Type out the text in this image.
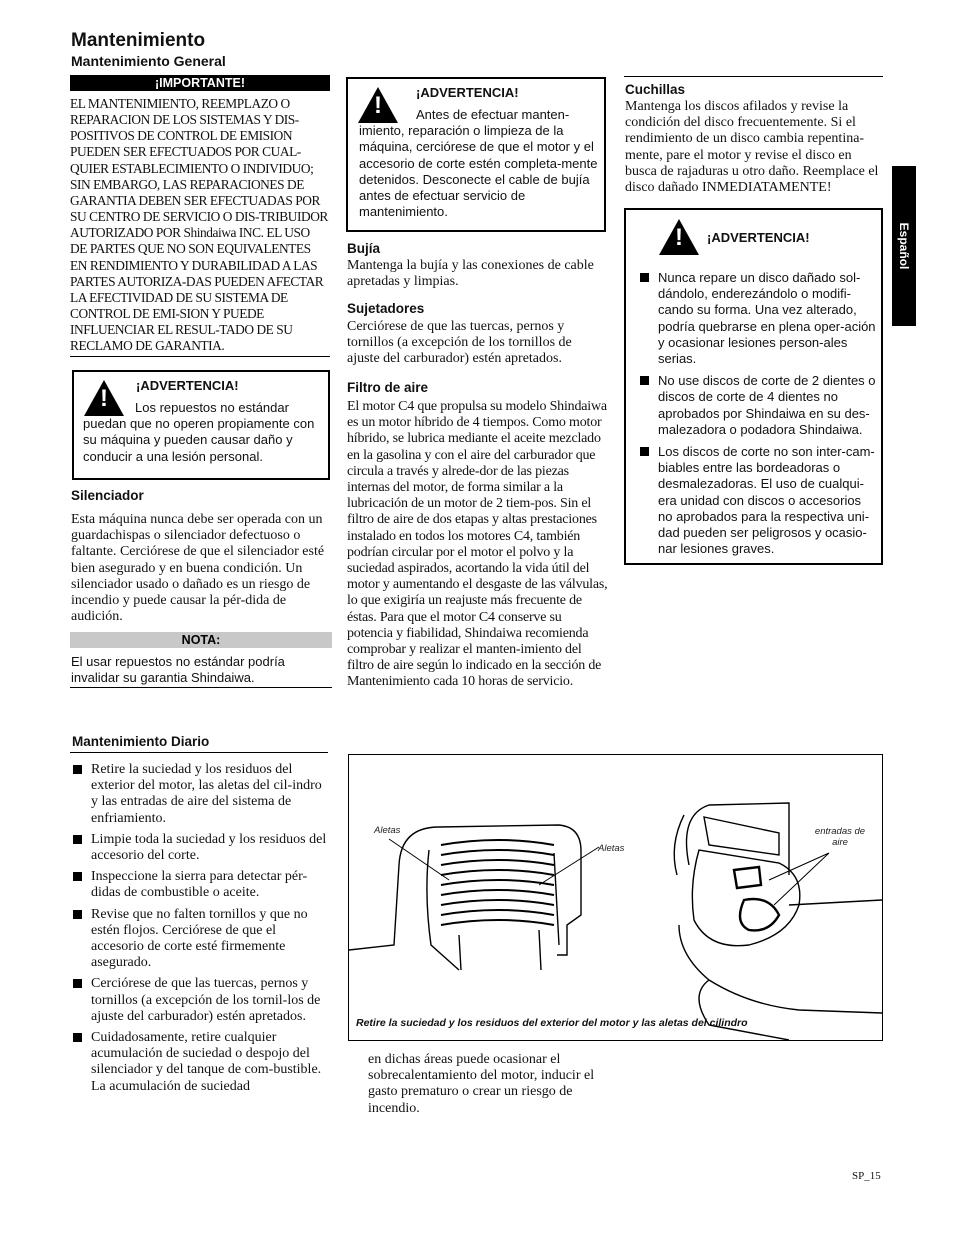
Mantenimiento
Mantenimiento General
¡IMPORTANTE!
EL MANTENIMIENTO, REEMPLAZO O REPARACION DE LOS SISTEMAS Y DIS-POSITIVOS DE CONTROL DE EMISION PUEDEN SER EFECTUADOS POR CUAL-QUIER ESTABLECIMIENTO O INDIVIDUO; SIN EMBARGO, LAS REPARACIONES DE GARANTIA DEBEN SER EFECTUADAS POR SU CENTRO DE SERVICIO O DIS-TRIBUIDOR AUTORIZADO POR Shindaiwa INC. EL USO DE PARTES QUE NO SON EQUIVALENTES EN RENDIMIENTO Y DURABILIDAD A LAS PARTES AUTORIZA-DAS PUEDEN AFECTAR LA EFECTIVIDAD DE SU SISTEMA DE CONTROL DE EMI-SION Y PUEDE INFLUENCIAR EL RESUL-TADO DE SU RECLAMO DE GARANTIA.
! ¡ADVERTENCIA!
Los repuestos no estándar puedan que no operen propiamente con su máquina y pueden causar daño y conducir a una lesión personal.
Silenciador
Esta máquina nunca debe ser operada con un guardachispas o silenciador defectuoso o faltante. Cerciórese de que el silenciador esté bien asegurado y en buena condición. Un silenciador usado o dañado es un riesgo de incendio y puede causar la pér-dida de audición.
NOTA:
El usar repuestos no estándar podría invalidar su garantia Shindaiwa.
!	¡ADVERTENCIA!
Antes de efectuar manten-imiento, reparación o limpieza de la máquina, cerciórese de que el motor y el accesorio de corte estén completa-mente detenidos. Desconecte el cable de bujía antes de efectuar servicio de mantenimiento.
Bujía
Mantenga la bujía y las conexiones de cable apretadas y limpias.
Sujetadores
Cerciórese de que las tuercas, pernos y tornillos (a excepción de los tornillos de ajuste del carburador) estén apretados.
Filtro de aire
El motor C4 que propulsa su modelo Shindaiwa es un motor híbrido de 4 tiempos. Como motor híbrido, se lubrica mediante el aceite mezclado en la gasolina y con el aire del carburador que circula a través y alrede-dor de las piezas internas del motor, de forma similar a la lubricación de un motor de 2 tiem-pos. Sin el filtro de aire de dos etapas y altas prestaciones instalado en todos los motores C4, también podrían circular por el motor el polvo y la suciedad aspirados, acortando la vida útil del motor y aumentando el desgaste de las válvulas, lo que exigiría un reajuste más frecuente de éstas. Para que el motor C4 conserve su potencia y fiabilidad, Shindaiwa recomienda comprobar y realizar el manten-imiento del filtro de aire según lo indicado en la sección de Mantenimiento cada 10 horas de servicio.
Cuchillas
Mantenga los discos afilados y revise la condición del disco frecuentemente. Si el rendimiento de un disco cambia repentina-mente, pare el motor y revise el disco en busca de rajaduras u otro daño. Reemplace el disco dañado INMEDIATAMENTE!
! ¡ADVERTENCIA!
Nunca repare un disco dañado sol-dándolo, enderezándolo o modifi-cando su forma. Una vez alterado, podría quebrarse en plena oper-ación y ocasionar lesiones person-ales serias.
No use discos de corte de 2 dientes o discos de corte de 4 dientes no aprobados por Shindaiwa en su des-malezadora o podadora Shindaiwa.
Los discos de corte no son inter-cam-biables entre las bordeadoras o desmalezadoras. El uso de cualqui-era unidad con discos o accesorios no aprobados para la respectiva uni-dad pueden ser peligrosos y ocasio-nar lesiones graves.
Español
Mantenimiento Diario
Retire la suciedad y los residuos del exterior del motor, las aletas del cil-indro y las entradas de aire del sistema de enfriamiento.
Limpie toda la suciedad y los residuos del accesorio del corte.
Inspeccione la sierra para detectar pér-didas de combustible o aceite.
Revise que no falten tornillos y que no estén flojos. Cerciórese de que el accesorio de corte esté firmemente asegurado.
Cerciórese de que las tuercas, pernos y tornillos (a excepción de los tornil-los de ajuste del carburador) estén apretados.
Cuidadosamente, retire cualquier acumulación de suciedad o despojo del silenciador y del tanque de com-bustible. La acumulación de suciedad
en dichas áreas puede ocasionar el sobrecalentamiento del motor, inducir el gasto prematuro o crear un riesgo de incendio.
Aletas
Aletas
entradas de aire
Retire la suciedad y los residuos del exterior del motor y las aletas del cilindro
SP_15
